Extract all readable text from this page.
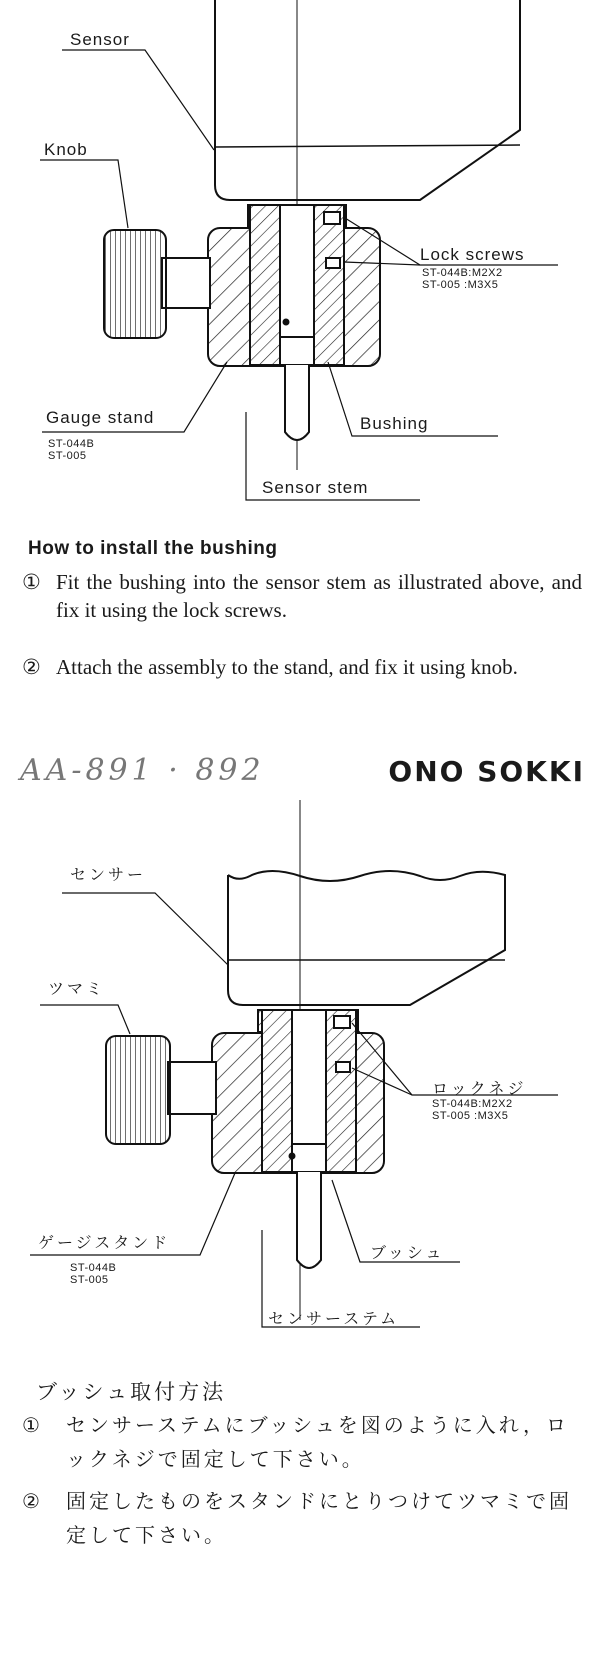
Sensor
Knob
Lock screws
ST-044B:M2X2
ST-005 :M3X5
Gauge stand
ST-044B
ST-005
Bushing
Sensor stem
How to install the bushing
① Fit the bushing into the sensor stem as illustrated above, and fix it using the lock screws.
② Attach the assembly to the stand, and fix it using knob.
AA-891 · 892	ONO SOKKI
センサー
ツマミ
ロックネジ
ST-044B:M2X2
ST-005 :M3X5
ゲージスタンド
ST-044B
ST-005
ブッシュ
センサーステム
ブッシュ取付方法
① センサーステムにブッシュを図のように入れ，ロックネジで固定して下さい。
② 固定したものをスタンドにとりつけてツマミで固定して下さい。
